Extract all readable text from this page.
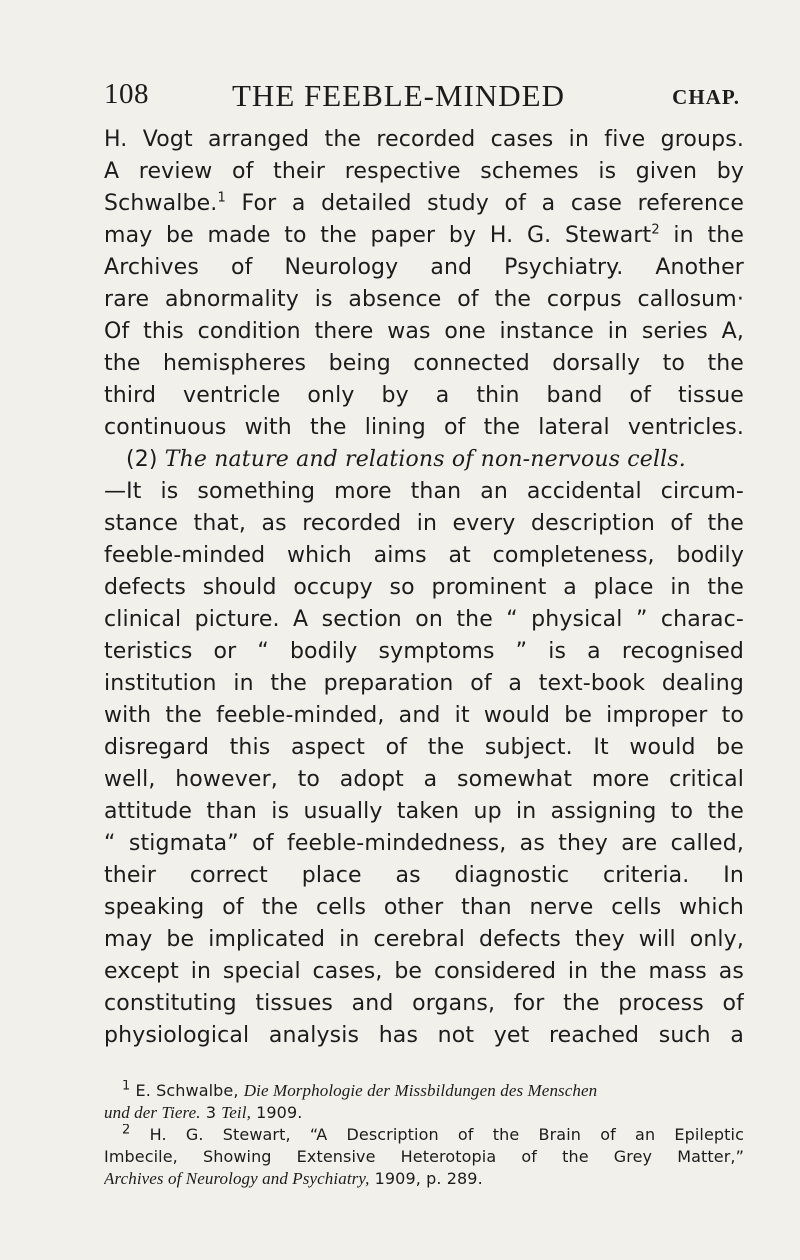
108	THE FEEBLE-MINDED	CHAP.
H. Vogt arranged the recorded cases in five groups.
A review of their respective schemes is given by
Schwalbe.$^1$ For a detailed study of a case reference
may be made to the paper by H. G. Stewart$^2$ in the
Archives of Neurology and Psychiatry. Another
rare abnormality is absence of the corpus callosum·
Of this condition there was one instance in series A,
the hemispheres being connected dorsally to the
third ventricle only by a thin band of tissue
continuous with the lining of the lateral ventricles.
(2) The nature and relations of non-nervous cells.
—It is something more than an accidental circum-
stance that, as recorded in every description of the
feeble-minded which aims at completeness, bodily
defects should occupy so prominent a place in the
clinical picture. A section on the “ physical ” charac-
teristics or “ bodily symptoms ” is a recognised
institution in the preparation of a text-book dealing
with the feeble-minded, and it would be improper to
disregard this aspect of the subject. It would be
well, however, to adopt a somewhat more critical
attitude than is usually taken up in assigning to the
“ stigmata” of feeble-mindedness, as they are called,
their correct place as diagnostic criteria. In
speaking of the cells other than nerve cells which
may be implicated in cerebral defects they will only,
except in special cases, be considered in the mass as
constituting tissues and organs, for the process of
physiological analysis has not yet reached such a
$^1$ E. Schwalbe, Die Morphologie der Missbildungen des Menschen
und der Tiere. 3 Teil, 1909.
$^2$ H. G. Stewart, “A Description of the Brain of an Epileptic
Imbecile, Showing Extensive Heterotopia of the Grey Matter,”
Archives of Neurology and Psychiatry, 1909, p. 289.
